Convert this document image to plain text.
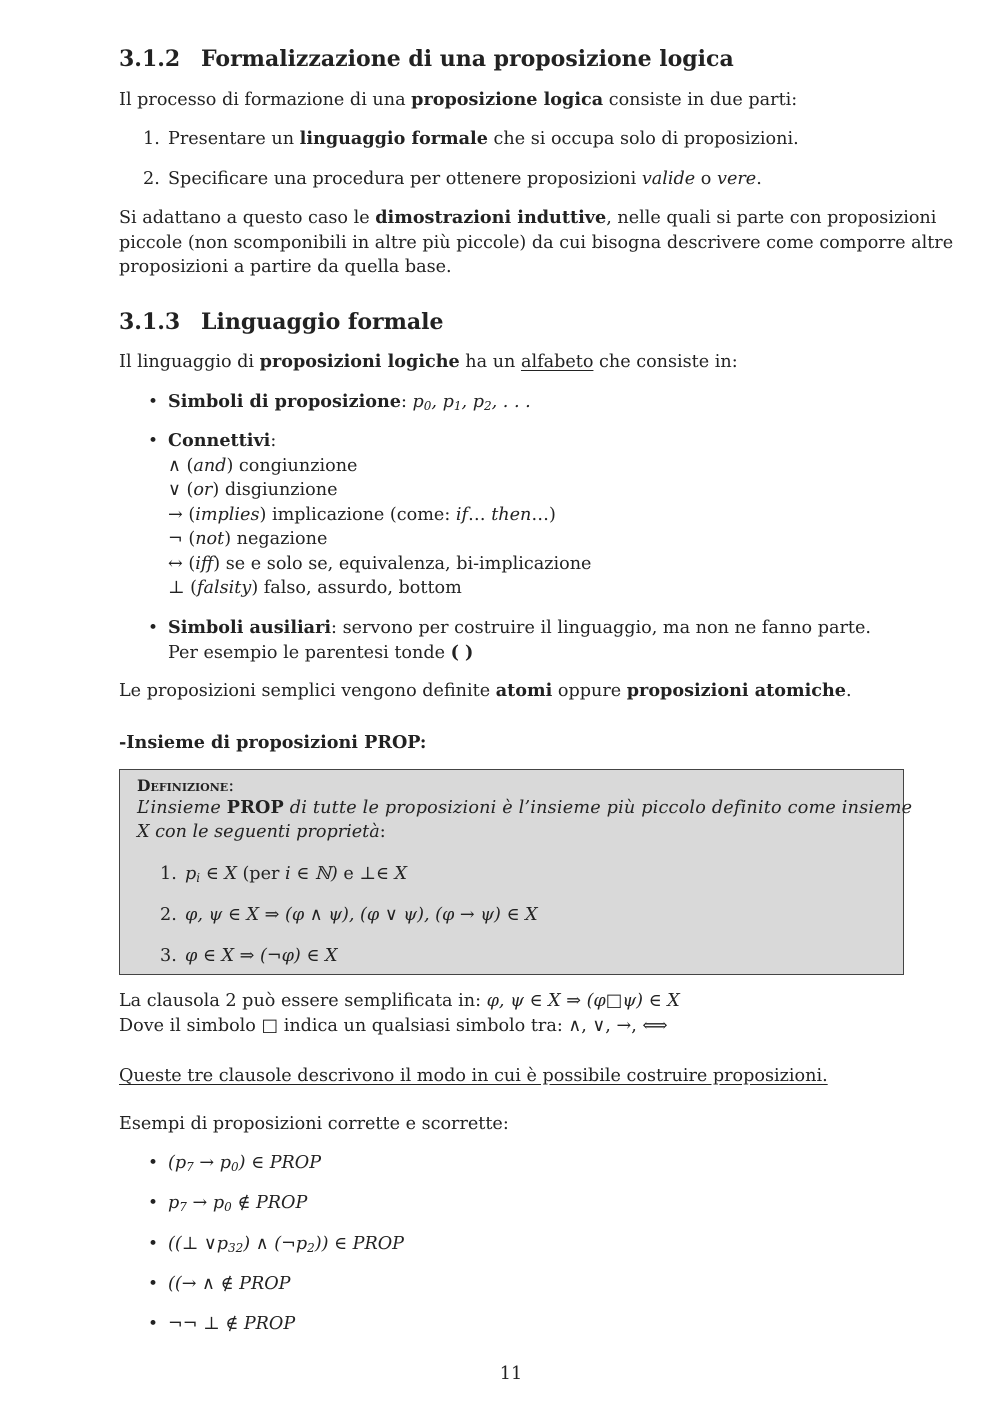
3.1.2 Formalizzazione di una proposizione logica
Il processo di formazione di una proposizione logica consiste in due parti:
1. Presentare un linguaggio formale che si occupa solo di proposizioni.
2. Specificare una procedura per ottenere proposizioni valide o vere.
Si adattano a questo caso le dimostrazioni induttive, nelle quali si parte con proposizioni
piccole (non scomponibili in altre più piccole) da cui bisogna descrivere come comporre altre
proposizioni a partire da quella base.
3.1.3 Linguaggio formale
Il linguaggio di proposizioni logiche ha un alfabeto che consiste in:
• Simboli di proposizione: $p_0$, $p_1$, $p_2$, . . .
• Connettivi:
∧ (and) congiunzione
∨ (or) disgiunzione
→ (implies) implicazione (come: if… then…)
¬ (not) negazione
↔ (iff) se e solo se, equivalenza, bi-implicazione
⊥ (falsity) falso, assurdo, bottom
• Simboli ausiliari: servono per costruire il linguaggio, ma non ne fanno parte.
Per esempio le parentesi tonde ( )
Le proposizioni semplici vengono definite atomi oppure proposizioni atomiche.
-Insieme di proposizioni PROP:
Definizione:
L’insieme PROP di tutte le proposizioni è l’insieme più piccolo definito come insieme
X con le seguenti proprietà:
1. $p_i$ ∈ X (per i ∈ ℕ) e ⊥∈ X
2. φ, ψ ∈ X ⇒ (φ ∧ ψ), (φ ∨ ψ), (φ → ψ) ∈ X
3. φ ∈ X ⇒ (¬φ) ∈ X
La clausola 2 può essere semplificata in: φ, ψ ∈ X ⇒ (φ□ψ) ∈ X
Dove il simbolo □ indica un qualsiasi simbolo tra: ∧, ∨, →, ⟺
Queste tre clausole descrivono il modo in cui è possibile costruire proposizioni.
Esempi di proposizioni corrette e scorrette:
• $(p_7 \to p_0)$ ∈ PROP
• $p_7 \to p_0$ ∉ PROP
• ((⊥ $\vee p_{32}$) ∧ $(\neg p_2)$) ∈ PROP
• ((→ ∧ ∉ PROP
• ¬¬ ⊥ ∉ PROP
11
